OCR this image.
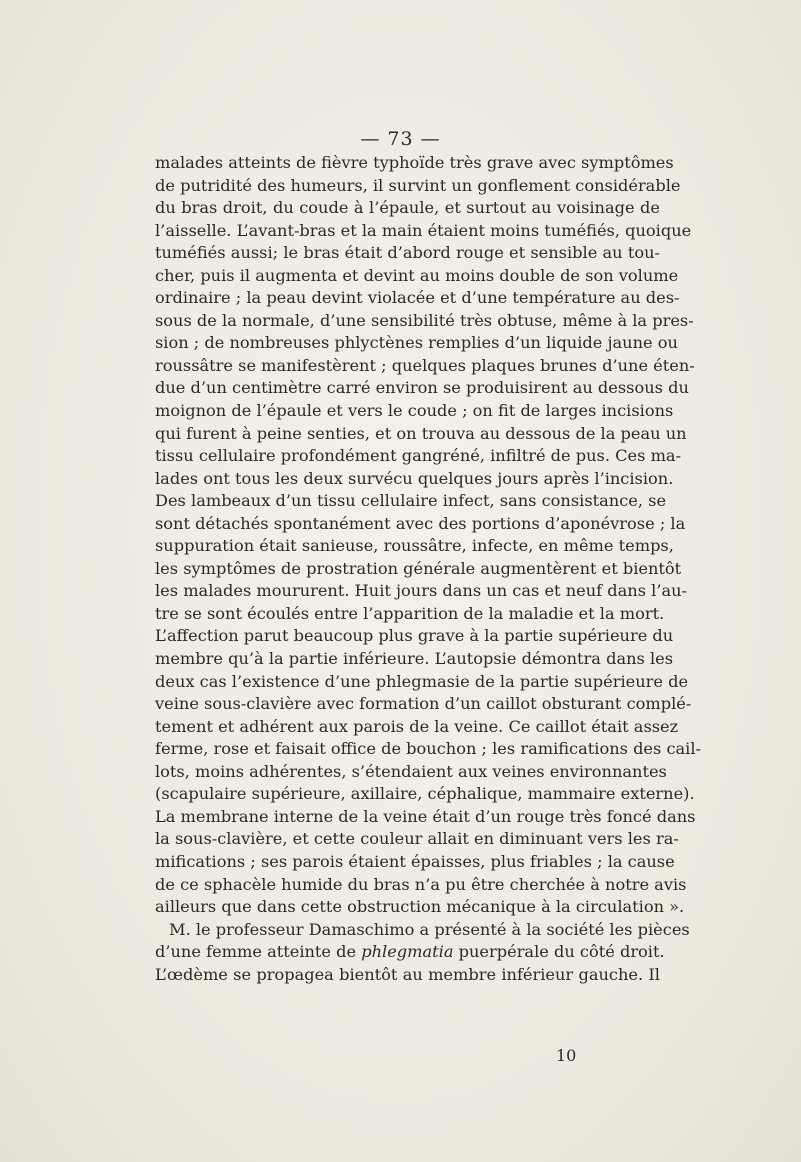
— 73 —
malades atteints de fièvre typhoïde très grave avec symptômes
de putridité des humeurs, il survint un gonflement considérable
du bras droit, du coude à l’épaule, et surtout au voisinage de
l’aisselle. L’avant-bras et la main étaient moins tuméfiés, quoique
tuméfiés aussi; le bras était d’abord rouge et sensible au tou-
cher, puis il augmenta et devint au moins double de son volume
ordinaire ; la peau devint violacée et d’une température au des-
sous de la normale, d’une sensibilité très obtuse, même à la pres-
sion ; de nombreuses phlyctènes remplies d’un liquide jaune ou
roussâtre se manifestèrent ; quelques plaques brunes d’une éten-
due d’un centimètre carré environ se produisirent au dessous du
moignon de l’épaule et vers le coude ; on fit de larges incisions
qui furent à peine senties, et on trouva au dessous de la peau un
tissu cellulaire profondément gangréné, infiltré de pus. Ces ma-
lades ont tous les deux survécu quelques jours après l’incision.
Des lambeaux d’un tissu cellulaire infect, sans consistance, se
sont détachés spontanément avec des portions d’aponévrose ; la
suppuration était sanieuse, roussâtre, infecte, en même temps,
les symptômes de prostration générale augmentèrent et bientôt
les malades moururent. Huit jours dans un cas et neuf dans l’au-
tre se sont écoulés entre l’apparition de la maladie et la mort.
L’affection parut beaucoup plus grave à la partie supérieure du
membre qu’à la partie inférieure. L’autopsie démontra dans les
deux cas l’existence d’une phlegmasie de la partie supérieure de
veine sous-clavière avec formation d’un caillot obsturant complé-
tement et adhérent aux parois de la veine. Ce caillot était assez
ferme, rose et faisait office de bouchon ; les ramifications des cail-
lots, moins adhérentes, s’étendaient aux veines environnantes
(scapulaire supérieure, axillaire, céphalique, mammaire externe).
La membrane interne de la veine était d’un rouge très foncé dans
la sous-clavière, et cette couleur allait en diminuant vers les ra-
mifications ; ses parois étaient épaisses, plus friables ; la cause
de ce sphacèle humide du bras n’a pu être cherchée à notre avis
ailleurs que dans cette obstruction mécanique à la circulation ».
M. le professeur Damaschimo a présenté à la société les pièces
d’une femme atteinte de phlegmatia puerpérale du côté droit.
L’œdème se propagea bientôt au membre inférieur gauche. Il
10
